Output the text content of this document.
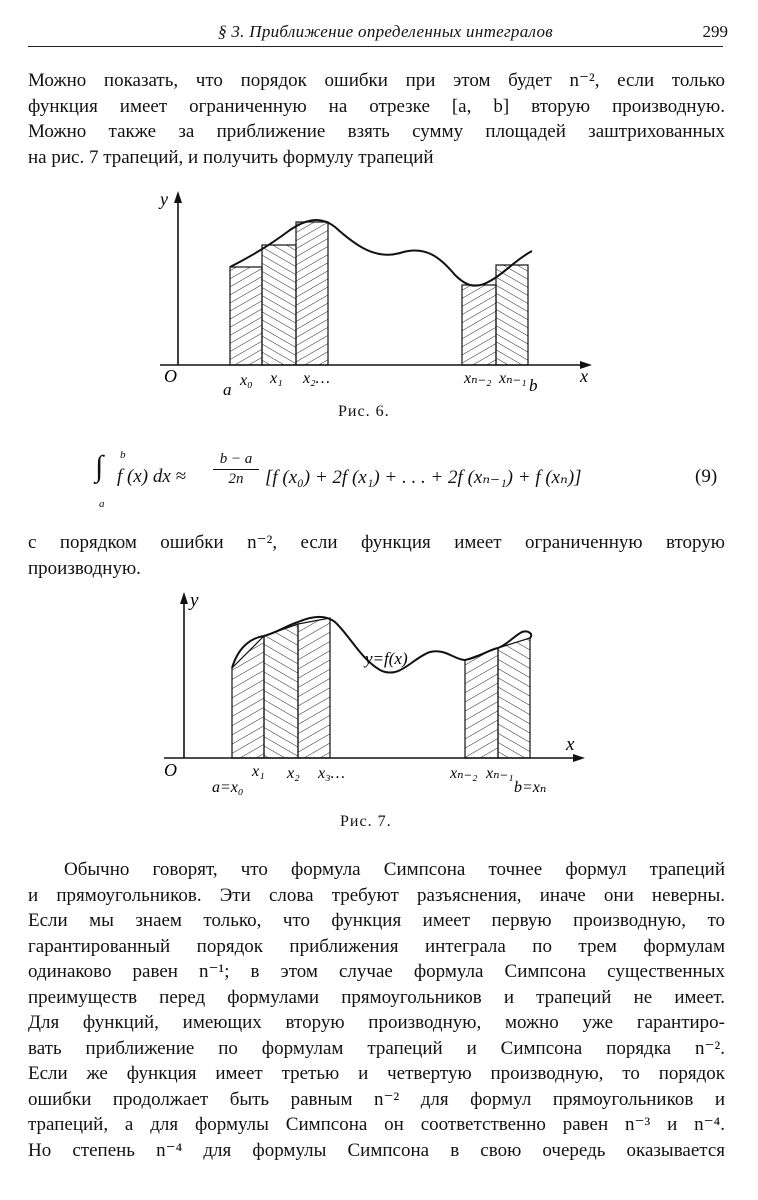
§ 3. Приближение определенных интегралов	299
Можно показать, что порядок ошибки при этом будет n⁻², если только
функция имеет ограниченную на отрезке [a, b] вторую производную.
Можно также за приближение взять сумму площадей заштрихованных
на рис. 7 трапеций, и получить формулу трапеций
y
x
O
a x₀ x₁ x₂…	xₙ₋₂ xₙ₋₁ b
Рис. 6.
∫ b
a
f (x) dx ≈ $\frac{b - a}{2n} [f$ (x₀) + 2f (x₁) + . . . + 2f (xₙ₋₁) + f (xₙ)]	(9)
с порядком ошибки n⁻², если функция имеет ограниченную вторую
производную.
y=f(x)
y
x
O
a=x₀
x₁ x₂ x₃…	xₙ₋₂ xₙ₋₁
b=xₙ
Рис. 7.
Обычно говорят, что формула Симпсона точнее формул трапеций
и прямоугольников. Эти слова требуют разъяснения, иначе они неверны.
Если мы знаем только, что функция имеет первую производную, то
гарантированный порядок приближения интеграла по трем формулам
одинаково равен n⁻¹; в этом случае формула Симпсона существенных
преимуществ перед формулами прямоугольников и трапеций не имеет.
Для функций, имеющих вторую производную, можно уже гарантиро-
вать приближение по формулам трапеций и Симпсона порядка n⁻².
Если же функция имеет третью и четвертую производную, то порядок
ошибки продолжает быть равным n⁻² для формул прямоугольников и
трапеций, а для формулы Симпсона он соответственно равен n⁻³ и n⁻⁴.
Но степень n⁻⁴ для формулы Симпсона в свою очередь оказывается
